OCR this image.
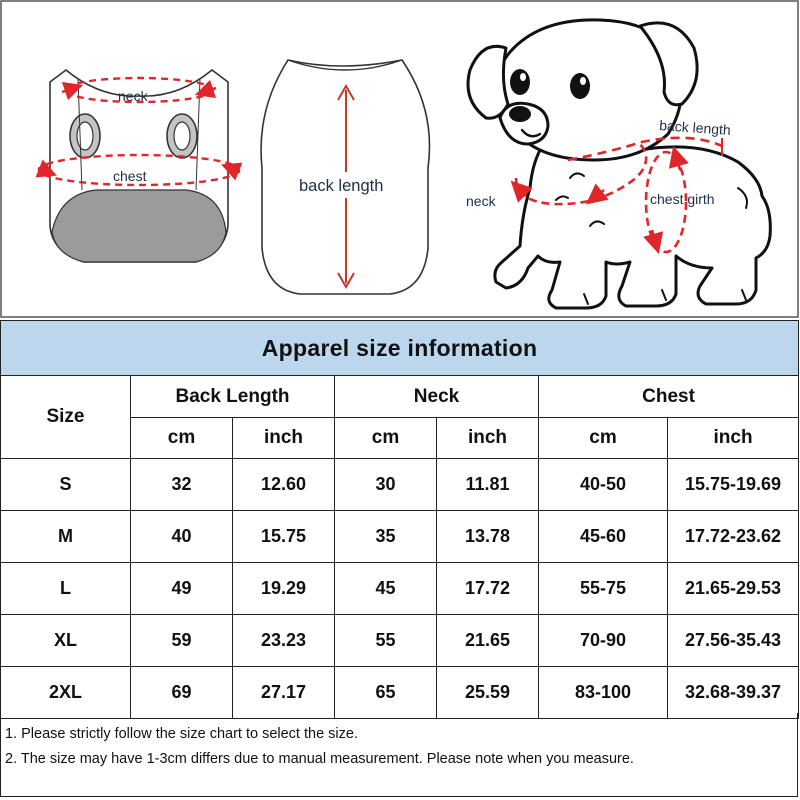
neck
chest
back length
back length
neck	chest girth
Apparel size information						
Size	Back Length		Neck		Chest	
	cm	inch	cm	inch	cm	inch
S	32	12.60	30	11.81	40-50	15.75-19.69
M	40	15.75	35	13.78	45-60	17.72-23.62
L	49	19.29	45	17.72	55-75	21.65-29.53
XL	59	23.23	55	21.65	70-90	27.56-35.43
2XL	69	27.17	65	25.59	83-100	32.68-39.37
1. Please strictly follow the size chart to select the size.
2. The size may have 1-3cm differs due to manual measurement. Please note when you measure.
